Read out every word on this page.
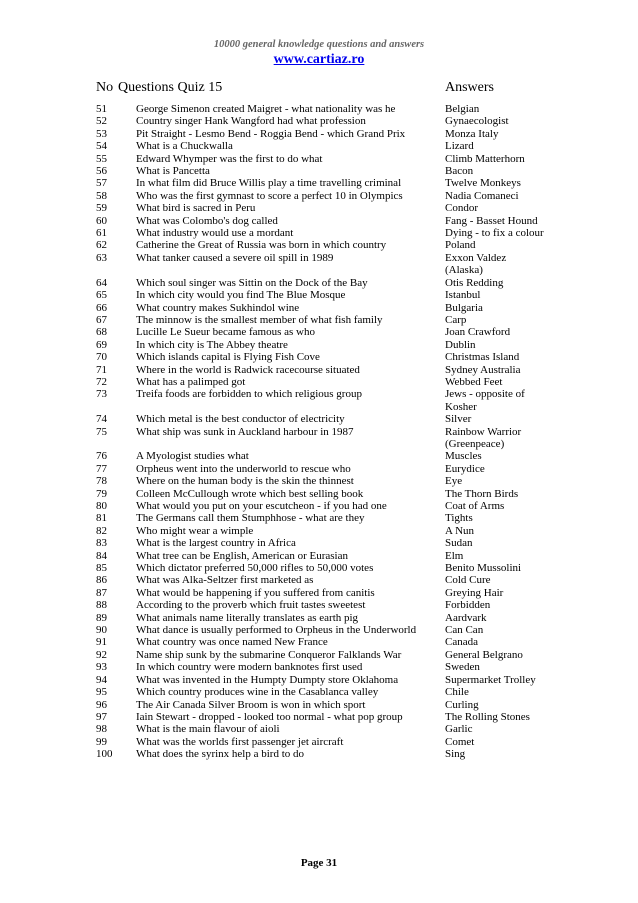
10000 general knowledge questions and answers
www.cartiaz.ro
No Questions Quiz 15	Answers
51	George Simenon created Maigret - what nationality was he	Belgian
52	Country singer Hank Wangford had what profession	Gynaecologist
53	Pit Straight - Lesmo Bend - Roggia Bend - which Grand Prix	Monza Italy
54	What is a Chuckwalla	Lizard
55	Edward Whymper was the first to do what	Climb Matterhorn
56	What is Pancetta	Bacon
57	In what film did Bruce Willis play a time travelling criminal	Twelve Monkeys
58	Who was the first gymnast to score a perfect 10 in Olympics	Nadia Comaneci
59	What bird is sacred in Peru	Condor
60	What was Colombo's dog called	Fang - Basset Hound
61	What industry would use a mordant	Dying - to fix a colour
62	Catherine the Great of Russia was born in which country	Poland
63	What tanker caused a severe oil spill in 1989	Exxon Valdez
(Alaska)
64	Which soul singer was Sittin on the Dock of the Bay	Otis Redding
65	In which city would you find The Blue Mosque	Istanbul
66	What country makes Sukhindol wine	Bulgaria
67	The minnow is the smallest member of what fish family	Carp
68	Lucille Le Sueur became famous as who	Joan Crawford
69	In which city is The Abbey theatre	Dublin
70	Which islands capital is Flying Fish Cove	Christmas Island
71	Where in the world is Radwick racecourse situated	Sydney Australia
72	What has a palimped got	Webbed Feet
73	Treifa foods are forbidden to which religious group	Jews - opposite of
Kosher
74	Which metal is the best conductor of electricity	Silver
75	What ship was sunk in Auckland harbour in 1987	Rainbow Warrior
(Greenpeace)
76	A Myologist studies what	Muscles
77	Orpheus went into the underworld to rescue who	Eurydice
78	Where on the human body is the skin the thinnest	Eye
79	Colleen McCullough wrote which best selling book	The Thorn Birds
80	What would you put on your escutcheon - if you had one	Coat of Arms
81	The Germans call them Stumphhose - what are they	Tights
82	Who might wear a wimple	A Nun
83	What is the largest country in Africa	Sudan
84	What tree can be English, American or Eurasian	Elm
85	Which dictator preferred 50,000 rifles to 50,000 votes	Benito Mussolini
86	What was Alka-Seltzer first marketed as	Cold Cure
87	What would be happening if you suffered from canitis	Greying Hair
88	According to the proverb which fruit tastes sweetest	Forbidden
89	What animals name literally translates as earth pig	Aardvark
90	What dance is usually performed to Orpheus in the Underworld	Can Can
91	What country was once named New France	Canada
92	Name ship sunk by the submarine Conqueror Falklands War	General Belgrano
93	In which country were modern banknotes first used	Sweden
94	What was invented in the Humpty Dumpty store Oklahoma	Supermarket Trolley
95	Which country produces wine in the Casablanca valley	Chile
96	The Air Canada Silver Broom is won in which sport	Curling
97	Iain Stewart - dropped - looked too normal - what pop group	The Rolling Stones
98	What is the main flavour of aioli	Garlic
99	What was the worlds first passenger jet aircraft	Comet
100	What does the syrinx help a bird to do	Sing
Page 31
